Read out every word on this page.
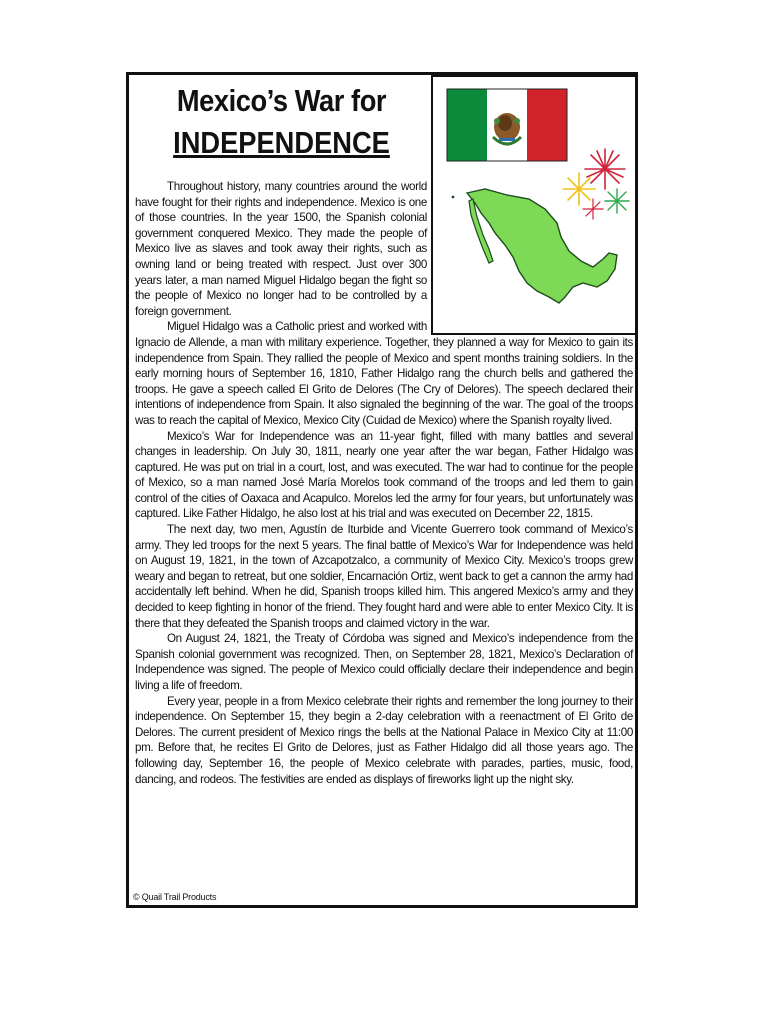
Mexico’s War for
INDEPENDENCE

Throughout history, many countries around the world have fought for their rights and independence. Mexico is one of those countries. In the year 1500, the Spanish colonial government conquered Mexico. They made the people of Mexico live as slaves and took away their rights, such as owning land or being treated with respect. Just over 300 years later, a man named Miguel Hidalgo began the fight so the people of Mexico no longer had to be controlled by a foreign government.

Miguel Hidalgo was a Catholic priest and worked with Ignacio de Allende, a man with military experience. Together, they planned a way for Mexico to gain its independence from Spain. They rallied the people of Mexico and spent months training soldiers. In the early morning hours of September 16, 1810, Father Hidalgo rang the church bells and gathered the troops. He gave a speech called El Grito de Delores (The Cry of Delores). The speech declared their intentions of independence from Spain. It also signaled the beginning of the war. The goal of the troops was to reach the capital of Mexico, Mexico City (Cuidad de Mexico) where the Spanish royalty lived.

Mexico’s War for Independence was an 11-year fight, filled with many battles and several changes in leadership. On July 30, 1811, nearly one year after the war began, Father Hidalgo was captured. He was put on trial in a court, lost, and was executed. The war had to continue for the people of Mexico, so a man named José María Morelos took command of the troops and led them to gain control of the cities of Oaxaca and Acapulco. Morelos led the army for four years, but unfortunately was captured. Like Father Hidalgo, he also lost at his trial and was executed on December 22, 1815.

The next day, two men, Agustín de Iturbide and Vicente Guerrero took command of Mexico’s army. They led troops for the next 5 years. The final battle of Mexico’s War for Independence was held on August 19, 1821, in the town of Azcapotzalco, a community of Mexico City. Mexico’s troops grew weary and began to retreat, but one soldier, Encarnación Ortiz, went back to get a cannon the army had accidentally left behind. When he did, Spanish troops killed him. This angered Mexico’s army and they decided to keep fighting in honor of the friend. They fought hard and were able to enter Mexico City. It is there that they defeated the Spanish troops and claimed victory in the war.

On August 24, 1821, the Treaty of Córdoba was signed and Mexico’s independence from the Spanish colonial government was recognized. Then, on September 28, 1821, Mexico’s Declaration of Independence was signed. The people of Mexico could officially declare their independence and begin living a life of freedom.

Every year, people in a from Mexico celebrate their rights and remember the long journey to their independence. On September 15, they begin a 2-day celebration with a reenactment of El Grito de Delores. The current president of Mexico rings the bells at the National Palace in Mexico City at 11:00 pm. Before that, he recites El Grito de Delores, just as Father Hidalgo did all those years ago. The following day, September 16, the people of Mexico celebrate with parades, parties, music, food, dancing, and rodeos. The festivities are ended as displays of fireworks light up the night sky.

© Quail Trail Products
